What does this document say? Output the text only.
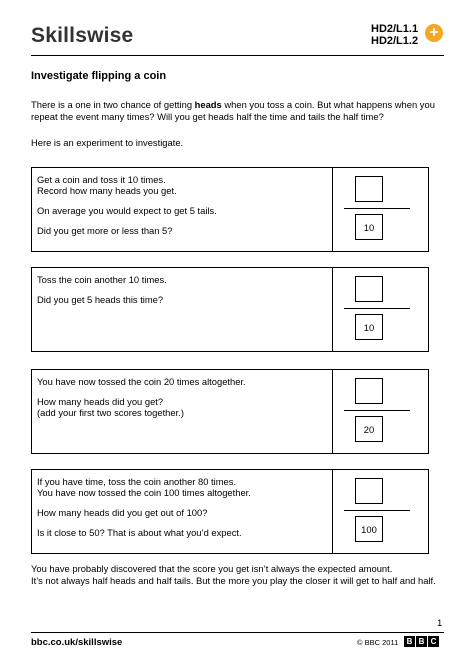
Skillswise	HD2/L1.1
HD2/L1.2 +
Investigate flipping a coin
There is a one in two chance of getting heads when you toss a coin. But what happens when you repeat the event many times? Will you get heads half the time and tails the half time?
Here is an experiment to investigate.
Get a coin and toss it 10 times.
Record how many heads you get.
On average you would expect to get 5 tails.
Did you get more or less than 5?	10
Toss the coin another 10 times.
Did you get 5 heads this time?
10
You have now tossed the coin 20 times altogether.
How many heads did you get?
(add your first two scores together.)
20
If you have time, toss the coin another 80 times.
You have now tossed the coin 100 times altogether.
How many heads did you get out of 100?
Is it close to 50? That is about what you’d expect.	100
You have probably discovered that the score you get isn’t always the expected amount.
It’s not always half heads and half tails. But the more you play the closer it will get to half and half.
1
bbc.co.uk/skillswise	© BBC 2011	B B C
